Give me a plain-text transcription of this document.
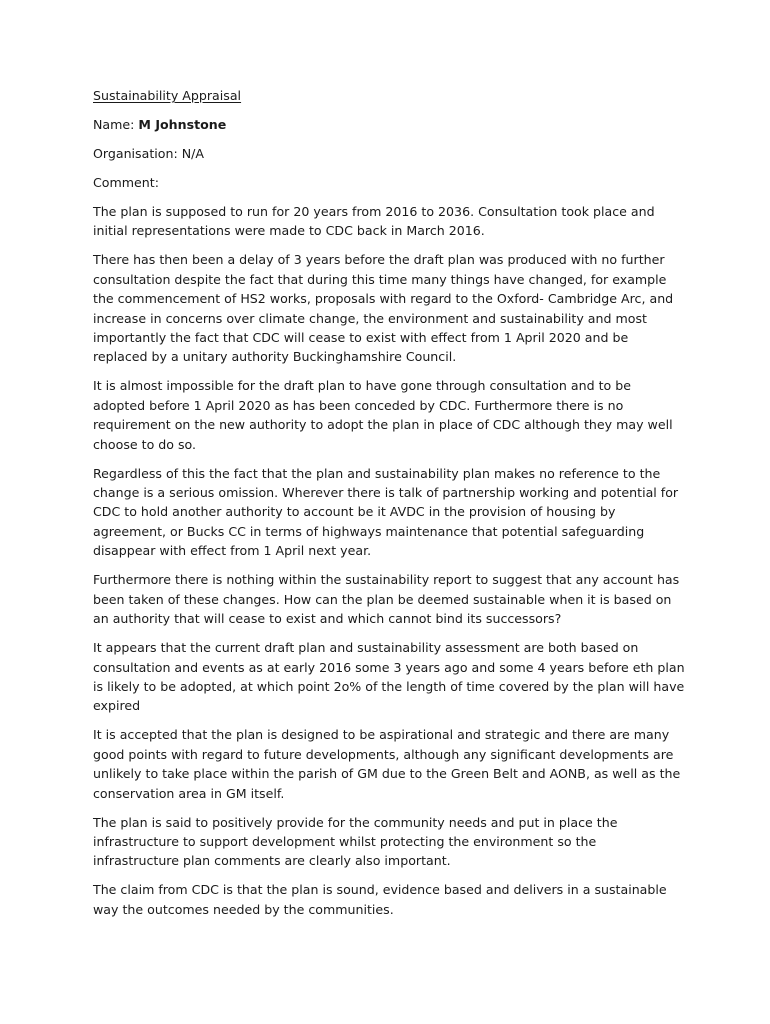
Sustainability Appraisal
Name: M Johnstone
Organisation: N/A
Comment:

The plan is supposed to run for 20 years from 2016 to 2036. Consultation took place and initial representations were made to CDC back in March 2016.

There has then been a delay of 3 years before the draft plan was produced with no further consultation despite the fact that during this time many things have changed, for example the commencement of HS2 works, proposals with regard to the Oxford- Cambridge Arc, and increase in concerns over climate change, the environment and sustainability and most importantly the fact that CDC will cease to exist with effect from 1 April 2020 and be replaced by a unitary authority Buckinghamshire Council.

It is almost impossible for the draft plan to have gone through consultation and to be adopted before 1 April 2020 as has been conceded by CDC. Furthermore there is no requirement on the new authority to adopt the plan in place of CDC although they may well choose to do so.

Regardless of this the fact that the plan and sustainability plan makes no reference to the change is a serious omission. Wherever there is talk of partnership working and potential for CDC to hold another authority to account be it AVDC in the provision of housing by agreement, or Bucks CC in terms of highways maintenance that potential safeguarding disappear with effect from 1 April next year.

Furthermore there is nothing within the sustainability report to suggest that any account has been taken of these changes. How can the plan be deemed sustainable when it is based on an authority that will cease to exist and which cannot bind its successors?

It appears that the current draft plan and sustainability assessment are both based on consultation and events as at early 2016 some 3 years ago and some 4 years before eth plan is likely to be adopted, at which point 2o% of the length of time covered by the plan will have expired

It is accepted that the plan is designed to be aspirational and strategic and there are many good points with regard to future developments, although any significant developments are unlikely to take place within the parish of GM due to the Green Belt and AONB, as well as the conservation area in GM itself.

The plan is said to positively provide for the community needs and put in place the infrastructure to support development whilst protecting the environment so the infrastructure plan comments are clearly also important.

The claim from CDC is that the plan is sound, evidence based and delivers in a sustainable way the outcomes needed by the communities.
